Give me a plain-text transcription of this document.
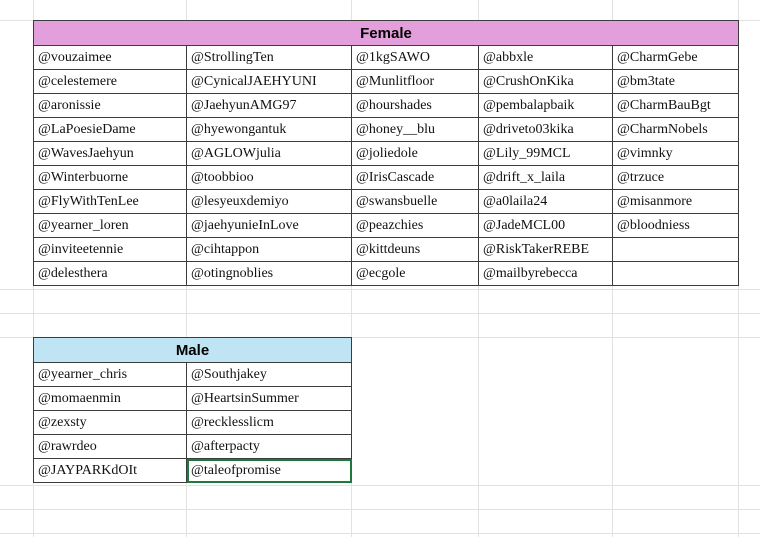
Female				
@vouzaimee	@StrollingTen	@1kgSAWO	@abbxle	@CharmGebe
@celestemere	@CynicalJAEHYUNI	@Munlitfloor	@CrushOnKika	@bm3tate
@aronissie	@JaehyunAMG97	@hourshades	@pembalapbaik	@CharmBauBgt
@LaPoesieDame	@hyewongantuk	@honey__blu	@driveto03kika	@CharmNobels
@WavesJaehyun	@AGLOWjulia	@joliedole	@Lily_99MCL	@vimnky
@Winterbuorne	@toobbioo	@IrisCascade	@drift_x_laila	@trzuce
@FlyWithTenLee	@lesyeuxdemiyo	@swansbuelle	@a0laila24	@misanmore
@yearner_loren	@jaehyunieInLove	@peazchies	@JadeMCL00	@bloodniess
@inviteetennie	@cihtappon	@kittdeuns	@RiskTakerREBE	
@delesthera	@otingnoblies	@ecgole	@mailbyrebecca	
Male	
@yearner_chris	@Southjakey
@momaenmin	@HeartsinSummer
@zexsty	@recklesslicm
@rawrdeo	@afterpacty
@JAYPARKdOIt	@taleofpromise
